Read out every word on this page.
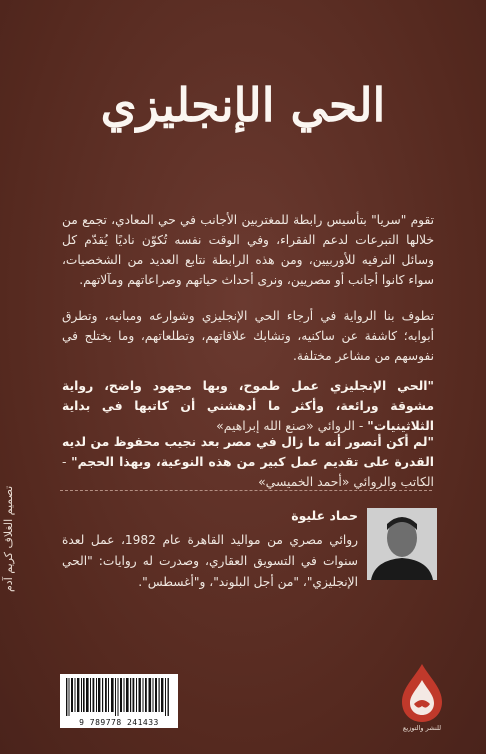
الحي الإنجليزي
تقوم "سريا" بتأسيس رابطة للمغتربين الأجانب في حي المعادي، تجمع من خلالها التبرعات لدعم الفقراء، وفي الوقت نفسه تُكوّن ناديًا يُقدّم كل وسائل الترفيه للأوربيين، ومن هذه الرابطة نتابع العديد من الشخصيات، سواء كانوا أجانب أو مصريين، ونرى أحداث حياتهم وصراعاتهم ومآلاتهم.
تطوف بنا الرواية في أرجاء الحي الإنجليزي وشوارعه ومبانيه، وتطرق أبوابه؛ كاشفة عن ساكنيه، وتشابك علاقاتهم، وتطلعاتهم، وما يختلج في نفوسهم من مشاعر مختلفة.
"الحي الإنجليزي عمل طموح، وبها مجهود واضح، رواية مشوقة ورائعة، وأكثر ما أدهشني أن كاتبها في بداية الثلاثينيات" - الروائي «صنع الله إبراهيم»
"لم أكن أتصور أنه ما زال في مصر بعد نجيب محفوظ من لديه القدرة على تقديم عمل كبير من هذه النوعية، وبهذا الحجم" - الكاتب والروائي «أحمد الخميسي»
تصميم الغلاف كريم آدم	حماد عليوة
روائي مصري من مواليد القاهرة عام 1982، عمل لعدة سنوات في التسويق العقاري، وصدرت له روايات: "الحي الإنجليزي"، "من أجل البلوند"، و"أغسطس".
9 789778 241433
للنشر والتوزيع
